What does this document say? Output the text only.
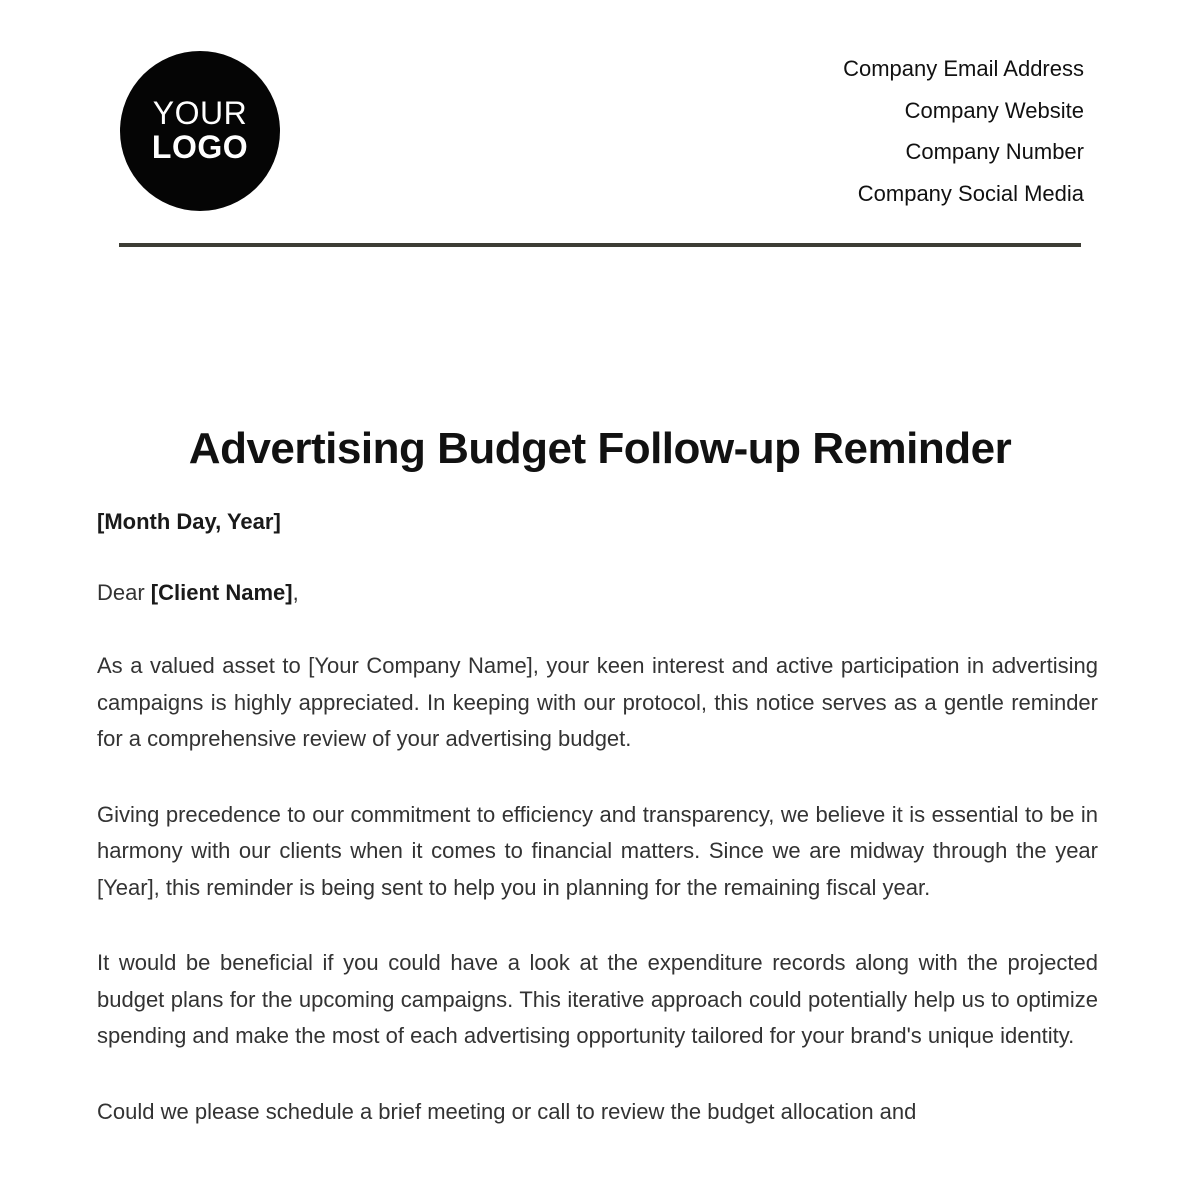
YOUR
LOGO
Company Email Address
Company Website
Company Number
Company Social Media
Advertising Budget Follow-up Reminder

[Month Day, Year]

Dear [Client Name],

As a valued asset to [Your Company Name], your keen interest and active participation in advertising campaigns is highly appreciated. In keeping with our protocol, this notice serves as a gentle reminder for a comprehensive review of your advertising budget.

Giving precedence to our commitment to efficiency and transparency, we believe it is essential to be in harmony with our clients when it comes to financial matters. Since we are midway through the year [Year], this reminder is being sent to help you in planning for the remaining fiscal year.

It would be beneficial if you could have a look at the expenditure records along with the projected budget plans for the upcoming campaigns. This iterative approach could potentially help us to optimize spending and make the most of each advertising opportunity tailored for your brand's unique identity.

Could we please schedule a brief meeting or call to review the budget allocation and
